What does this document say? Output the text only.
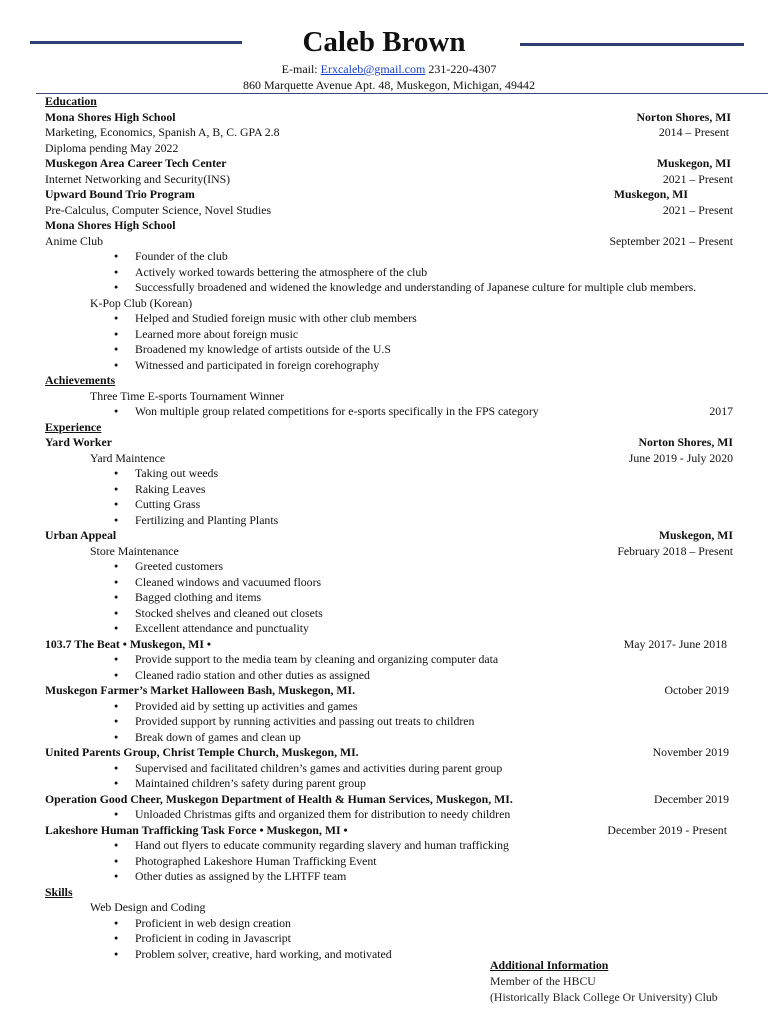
Caleb Brown
E-mail: Erxcaleb@gmail.com 231-220-4307
860 Marquette Avenue Apt. 48, Muskegon, Michigan, 49442
Education
Mona Shores High School	Norton Shores, MI
Marketing, Economics, Spanish A, B, C. GPA 2.8	2014 – Present
Diploma pending May 2022
Muskegon Area Career Tech Center	Muskegon, MI
Internet Networking and Security(INS)	2021 – Present
Upward Bound Trio Program	Muskegon, MI
Pre-Calculus, Computer Science, Novel Studies	2021 – Present
Mona Shores High School
Anime Club	September 2021 – Present
● Founder of the club
● Actively worked towards bettering the atmosphere of the club
● Successfully broadened and widened the knowledge and understanding of Japanese culture for multiple club members.
K-Pop Club (Korean)
● Helped and Studied foreign music with other club members
● Learned more about foreign music
● Broadened my knowledge of artists outside of the U.S
● Witnessed and participated in foreign corehography
Achievements
Three Time E-sports Tournament Winner
● Won multiple group related competitions for e-sports specifically in the FPS category	2017
Experience
Yard Worker	Norton Shores, MI
Yard Maintence	June 2019 - July 2020
● Taking out weeds
● Raking Leaves
● Cutting Grass
● Fertilizing and Planting Plants
Urban Appeal	Muskegon, MI
Store Maintenance	February 2018 – Present
● Greeted customers
● Cleaned windows and vacuumed floors
● Bagged clothing and items
● Stocked shelves and cleaned out closets
● Excellent attendance and punctuality
103.7 The Beat • Muskegon, MI •	May 2017- June 2018
● Provide support to the media team by cleaning and organizing computer data
● Cleaned radio station and other duties as assigned
Muskegon Farmer’s Market Halloween Bash, Muskegon, MI.	October 2019
● Provided aid by setting up activities and games
● Provided support by running activities and passing out treats to children
● Break down of games and clean up
United Parents Group, Christ Temple Church, Muskegon, MI.	November 2019
● Supervised and facilitated children’s games and activities during parent group
● Maintained children’s safety during parent group
Operation Good Cheer, Muskegon Department of Health & Human Services, Muskegon, MI.	December 2019
● Unloaded Christmas gifts and organized them for distribution to needy children
Lakeshore Human Trafficking Task Force • Muskegon, MI •	December 2019 - Present
● Hand out flyers to educate community regarding slavery and human trafficking
● Photographed Lakeshore Human Trafficking Event
● Other duties as assigned by the LHTFF team
Skills
Web Design and Coding
● Proficient in web design creation
● Proficient in coding in Javascript
● Problem solver, creative, hard working, and motivated
Additional Information
Member of the HBCU
(Historically Black College Or University) Club
